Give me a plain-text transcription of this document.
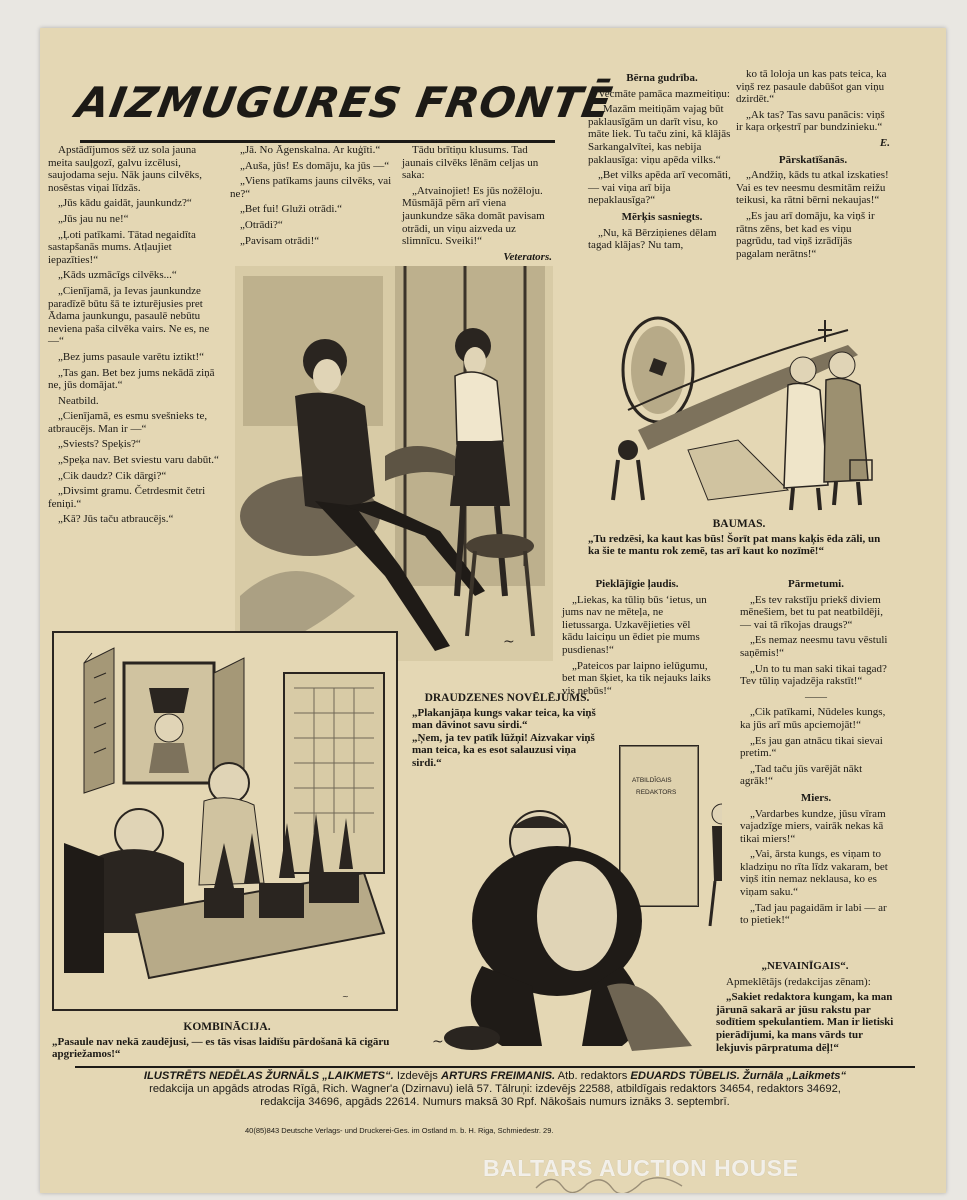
AIZMUGURES FRONTĒ

Apstādījumos sēž uz sola jauna meita sauļgozī, galvu izcēlusi, saujodama seju. Nāk jauns cilvēks, nosēstas viņai līdzās.

„Jūs kādu gaidāt, jaunkundz?“

„Jūs jau nu ne!“

„Ļoti patīkami. Tātad negaidīta sastapšanās mums. Atļaujiet iepazīties!“

„Kāds uzmācīgs cilvēks...“

„Cienījamā, ja Ievas jaunkundze paradīzē būtu šā te izturējusies pret Ādama jaunkungu, pasaulē nebūtu neviena paša cilvēka vairs. Ne es, ne —“

„Bez jums pasaule varētu iztikt!“

„Tas gan. Bet bez jums nekādā ziņā ne, jūs domājat.“

Neatbild.

„Cienījamā, es esmu svešnieks te, atbraucējs. Man ir —“

„Sviests? Speķis?“

„Speķa nav. Bet sviestu varu dabūt.“

„Cik daudz? Cik dārgi?“

„Divsimt gramu. Četrdesmit četri feniņi.“

„Kā? Jūs taču atbraucējs.“

„Jā. No Āgenskalna. Ar kuģīti.“

„Auša, jūs! Es domāju, ka jūs —“

„Viens patīkams jauns cilvēks, vai ne?“

„Bet fui! Gluži otrādi.“

„Otrādi?“

„Pavisam otrādi!“

Tādu brītiņu klusums. Tad jaunais cilvēks lēnām celjas un saka:

„Atvainojiet! Es jūs nožēloju. Mūsmājā pērn arī viena jaunkundze sāka domāt pavisam otrādi, un viņu aizveda uz slimnīcu. Sveiki!“

Veterators.

Bērna gudrība.

Vecmāte pamāca mazmeitiņu:

„Mazām meitiņām vajag būt paklausīgām un darīt visu, ko māte liek. Tu taču zini, kā klājās Sarkangalvītei, kas nebija paklausīga: viņu apēda vilks.“

„Bet vilks apēda arī vecomāti, — vai viņa arī bija nepaklausīga?“

Mērķis sasniegts.

„Nu, kā Bērziņienes dēlam tagad klājas? Nu tam,

ko tā loloja un kas pats teica, ka viņš rez pasaule dabūšot gan viņu dzirdēt.“

„Ak tas? Tas savu panācis: viņš ir kaŗa orķestrī par bundzinieku.“

E.

Pārskatīšanās.

„Andžiņ, kāds tu atkal izskaties! Vai es tev neesmu desmitām reižu teikusi, ka rātni bērni nekaujas!“

„Es jau arī domāju, ka viņš ir rātns zēns, bet kad es viņu pagrūdu, tad viņš izrādījās pagalam nerātns!“

~
BAUMAS.

„Tu redzēsi, ka kaut kas būs! Šorīt pat mans kaķis ēda zāli, un ka šie te mantu rok zemē, tas arī kaut ko nozīmē!“

Pieklājīgie ļaudis.

„Liekas, ka tūliņ būs ‘ietus, un jums nav ne mēteļa, ne lietussarga. Uzkavējieties vēl kādu laiciņu un ēdiet pie mums pusdienas!“

„Pateicos par laipno ielūgumu, bet man šķiet, ka tik nejauks laiks vis nebūs!“

Pārmetumi.

„Es tev rakstīju priekš diviem mēnešiem, bet tu pat neatbildēji, — vai tā rīkojas draugs?“

„Es nemaz neesmu tavu vēstuli saņēmis!“

„Un to tu man saki tikai tagad? Tev tūliņ vajadzēja rakstīt!“

——

„Cik patīkami, Nūdeles kungs, ka jūs arī mūs apciemojāt!“

„Es jau gan atnācu tikai sievai pretim.“

„Tad taču jūs varējāt nākt agrāk!“

Miers.

„Vardarbes kundze, jūsu vīram vajadzīge miers, vairāk nekas kā tikai miers!“

„Vai, ārsta kungs, es viņam to kladziņu no rīta līdz vakaram, bet viņš itin nemaz neklausa, ko es viņam saku.“

„Tad jau pagaidām ir labi — ar to pietiek!“

„NEVAINĪGAIS“.

Apmeklētājs (redakcijas zēnam):

„Sakiet redaktora kungam, ka man jārunā sakarā ar jūsu rakstu par sodītiem spekulantiem. Man ir lietiski pierādījumi, ka mans vārds tur lekjuvis pārpratuma dēļ!“

DRAUDZENES NOVĒLĒJUMS.

„Plakanjāņa kungs vakar teica, ka viņš man dāvinot savu sirdi.“

„Ņem, ja tev patīk lūžņi! Aizvakar viņš man teica, ka es esot salauzusi viņa sirdi.“

ATBILDĪGAIS
REDAKTORS
~
~
KOMBINĀCIJA.

„Pasaule nav nekā zaudējusi, — es tās visas laidīšu pārdošanā kā cigāru apgriežamos!“

ILUSTRĒTS NEDĒLAS ŽURNĀLS „LAIKMETS“. Izdevējs ARTURS FREIMANIS. Atb. redaktors EDUARDS TŪBELIS. Žurnāla „Laikmets“
redakcija un apgāds atrodas Rīgā, Rich. Wagner'a (Dzirnavu) ielā 57. Tālruņi: izdevējs 22588, atbildīgais redaktors 34654, redaktors 34692,
redakcija 34696, apgāds 22614. Numurs maksā 30 Rpf. Nākošais numurs iznāks 3. septembrī.
40(85)843 Deutsche Verlags- und Druckerei-Ges. im Ostland m. b. H. Riga, Schmiedestr. 29.
BALTARS AUCTION HOUSE
